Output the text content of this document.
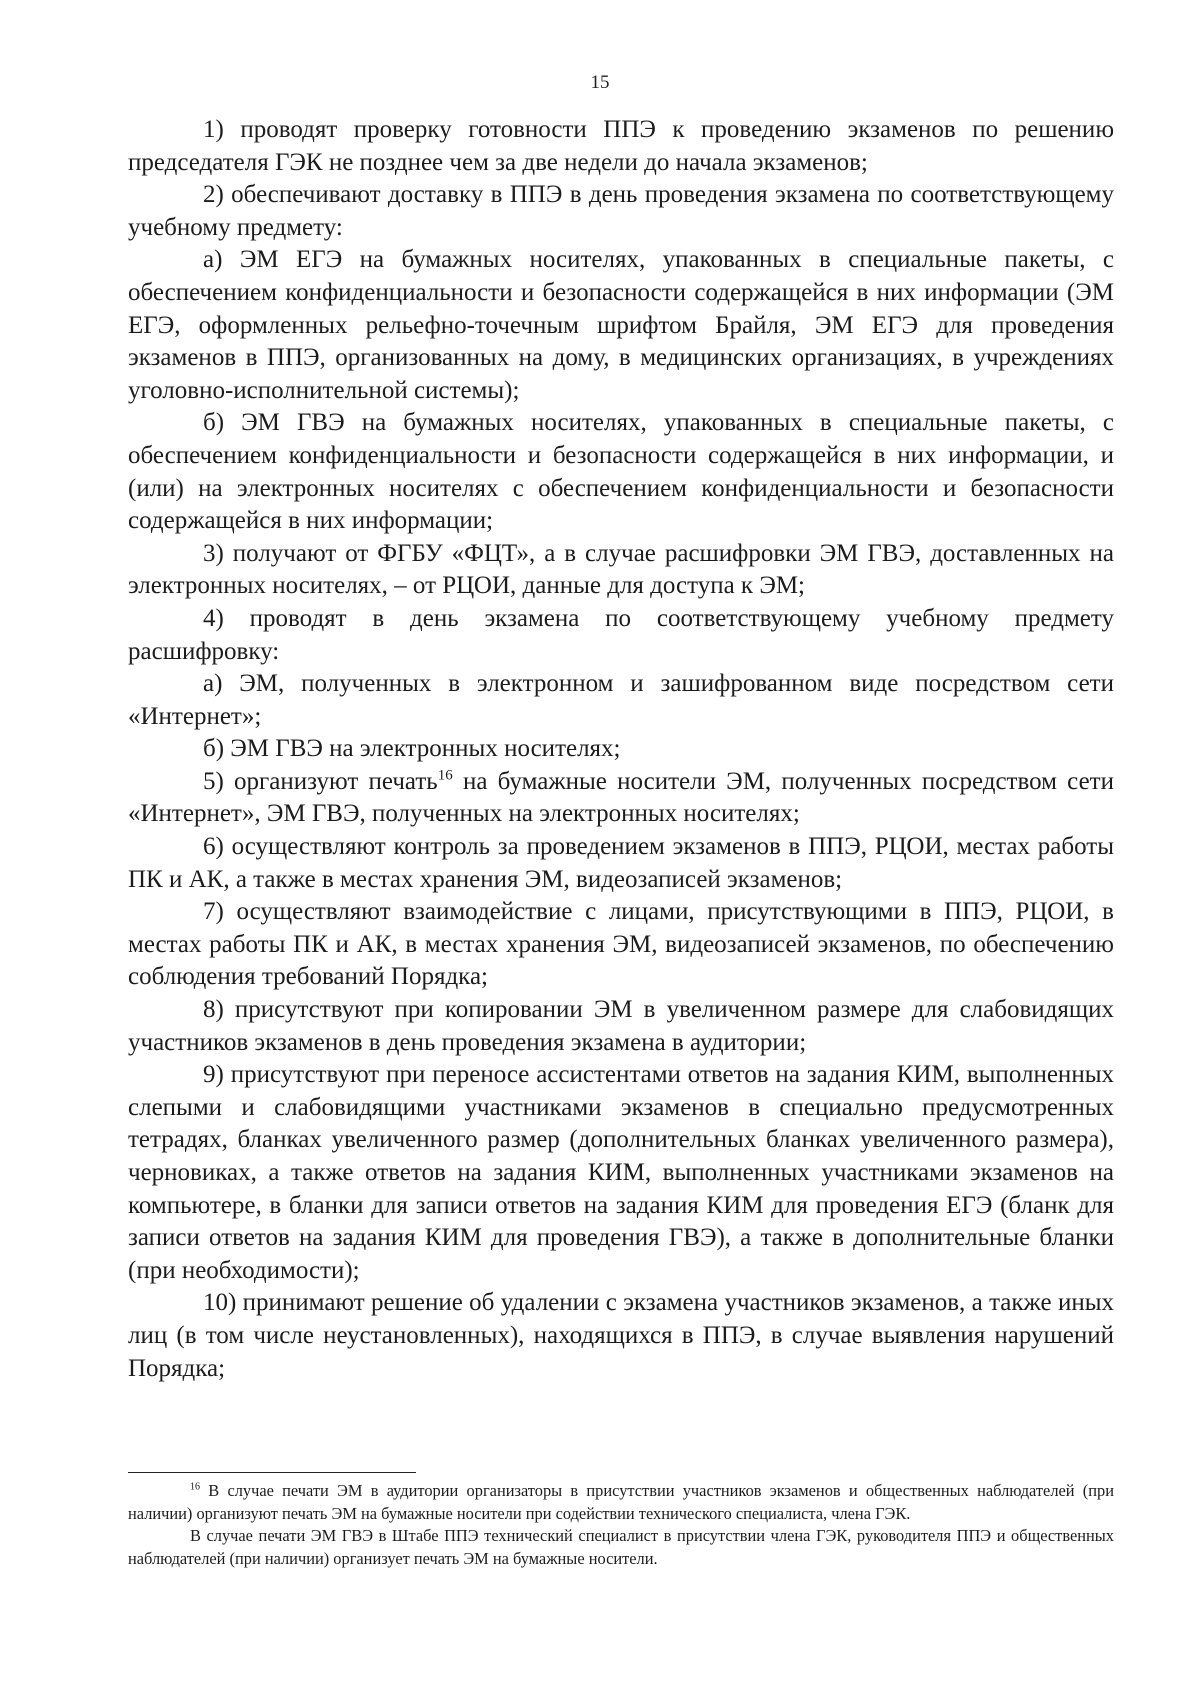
15

1) проводят проверку готовности ППЭ к проведению экзаменов по решению председателя ГЭК не позднее чем за две недели до начала экзаменов;

2) обеспечивают доставку в ППЭ в день проведения экзамена по соответствующему учебному предмету:

а) ЭМ ЕГЭ на бумажных носителях, упакованных в специальные пакеты, с обеспечением конфиденциальности и безопасности содержащейся в них информации (ЭМ ЕГЭ, оформленных рельефно-точечным шрифтом Брайля, ЭМ ЕГЭ для проведения экзаменов в ППЭ, организованных на дому, в медицинских организациях, в учреждениях уголовно-исполнительной системы);

б) ЭМ ГВЭ на бумажных носителях, упакованных в специальные пакеты, с обеспечением конфиденциальности и безопасности содержащейся в них информации, и (или) на электронных носителях с обеспечением конфиденциальности и безопасности содержащейся в них информации;

3) получают от ФГБУ «ФЦТ», а в случае расшифровки ЭМ ГВЭ, доставленных на электронных носителях, – от РЦОИ, данные для доступа к ЭМ;

4) проводят в день экзамена по соответствующему учебному предмету расшифровку:

а) ЭМ, полученных в электронном и зашифрованном виде посредством сети «Интернет»;

б) ЭМ ГВЭ на электронных носителях;

5) организуют печать$^{16}$ на бумажные носители ЭМ, полученных посредством сети «Интернет», ЭМ ГВЭ, полученных на электронных носителях;

6) осуществляют контроль за проведением экзаменов в ППЭ, РЦОИ, местах работы ПК и АК, а также в местах хранения ЭМ, видеозаписей экзаменов;

7) осуществляют взаимодействие с лицами, присутствующими в ППЭ, РЦОИ, в местах работы ПК и АК, в местах хранения ЭМ, видеозаписей экзаменов, по обеспечению соблюдения требований Порядка;

8) присутствуют при копировании ЭМ в увеличенном размере для слабовидящих участников экзаменов в день проведения экзамена в аудитории;

9) присутствуют при переносе ассистентами ответов на задания КИМ, выполненных слепыми и слабовидящими участниками экзаменов в специально предусмотренных тетрадях, бланках увеличенного размер (дополнительных бланках увеличенного размера), черновиках, а также ответов на задания КИМ, выполненных участниками экзаменов на компьютере, в бланки для записи ответов на задания КИМ для проведения ЕГЭ (бланк для записи ответов на задания КИМ для проведения ГВЭ), а также в дополнительные бланки (при необходимости);

10) принимают решение об удалении с экзамена участников экзаменов, а также иных лиц (в том числе неустановленных), находящихся в ППЭ, в случае выявления нарушений Порядка;

$^{16}$ В случае печати ЭМ в аудитории организаторы в присутствии участников экзаменов и общественных наблюдателей (при наличии) организуют печать ЭМ на бумажные носители при содействии технического специалиста, члена ГЭК.

В случае печати ЭМ ГВЭ в Штабе ППЭ технический специалист в присутствии члена ГЭК, руководителя ППЭ и общественных наблюдателей (при наличии) организует печать ЭМ на бумажные носители.
